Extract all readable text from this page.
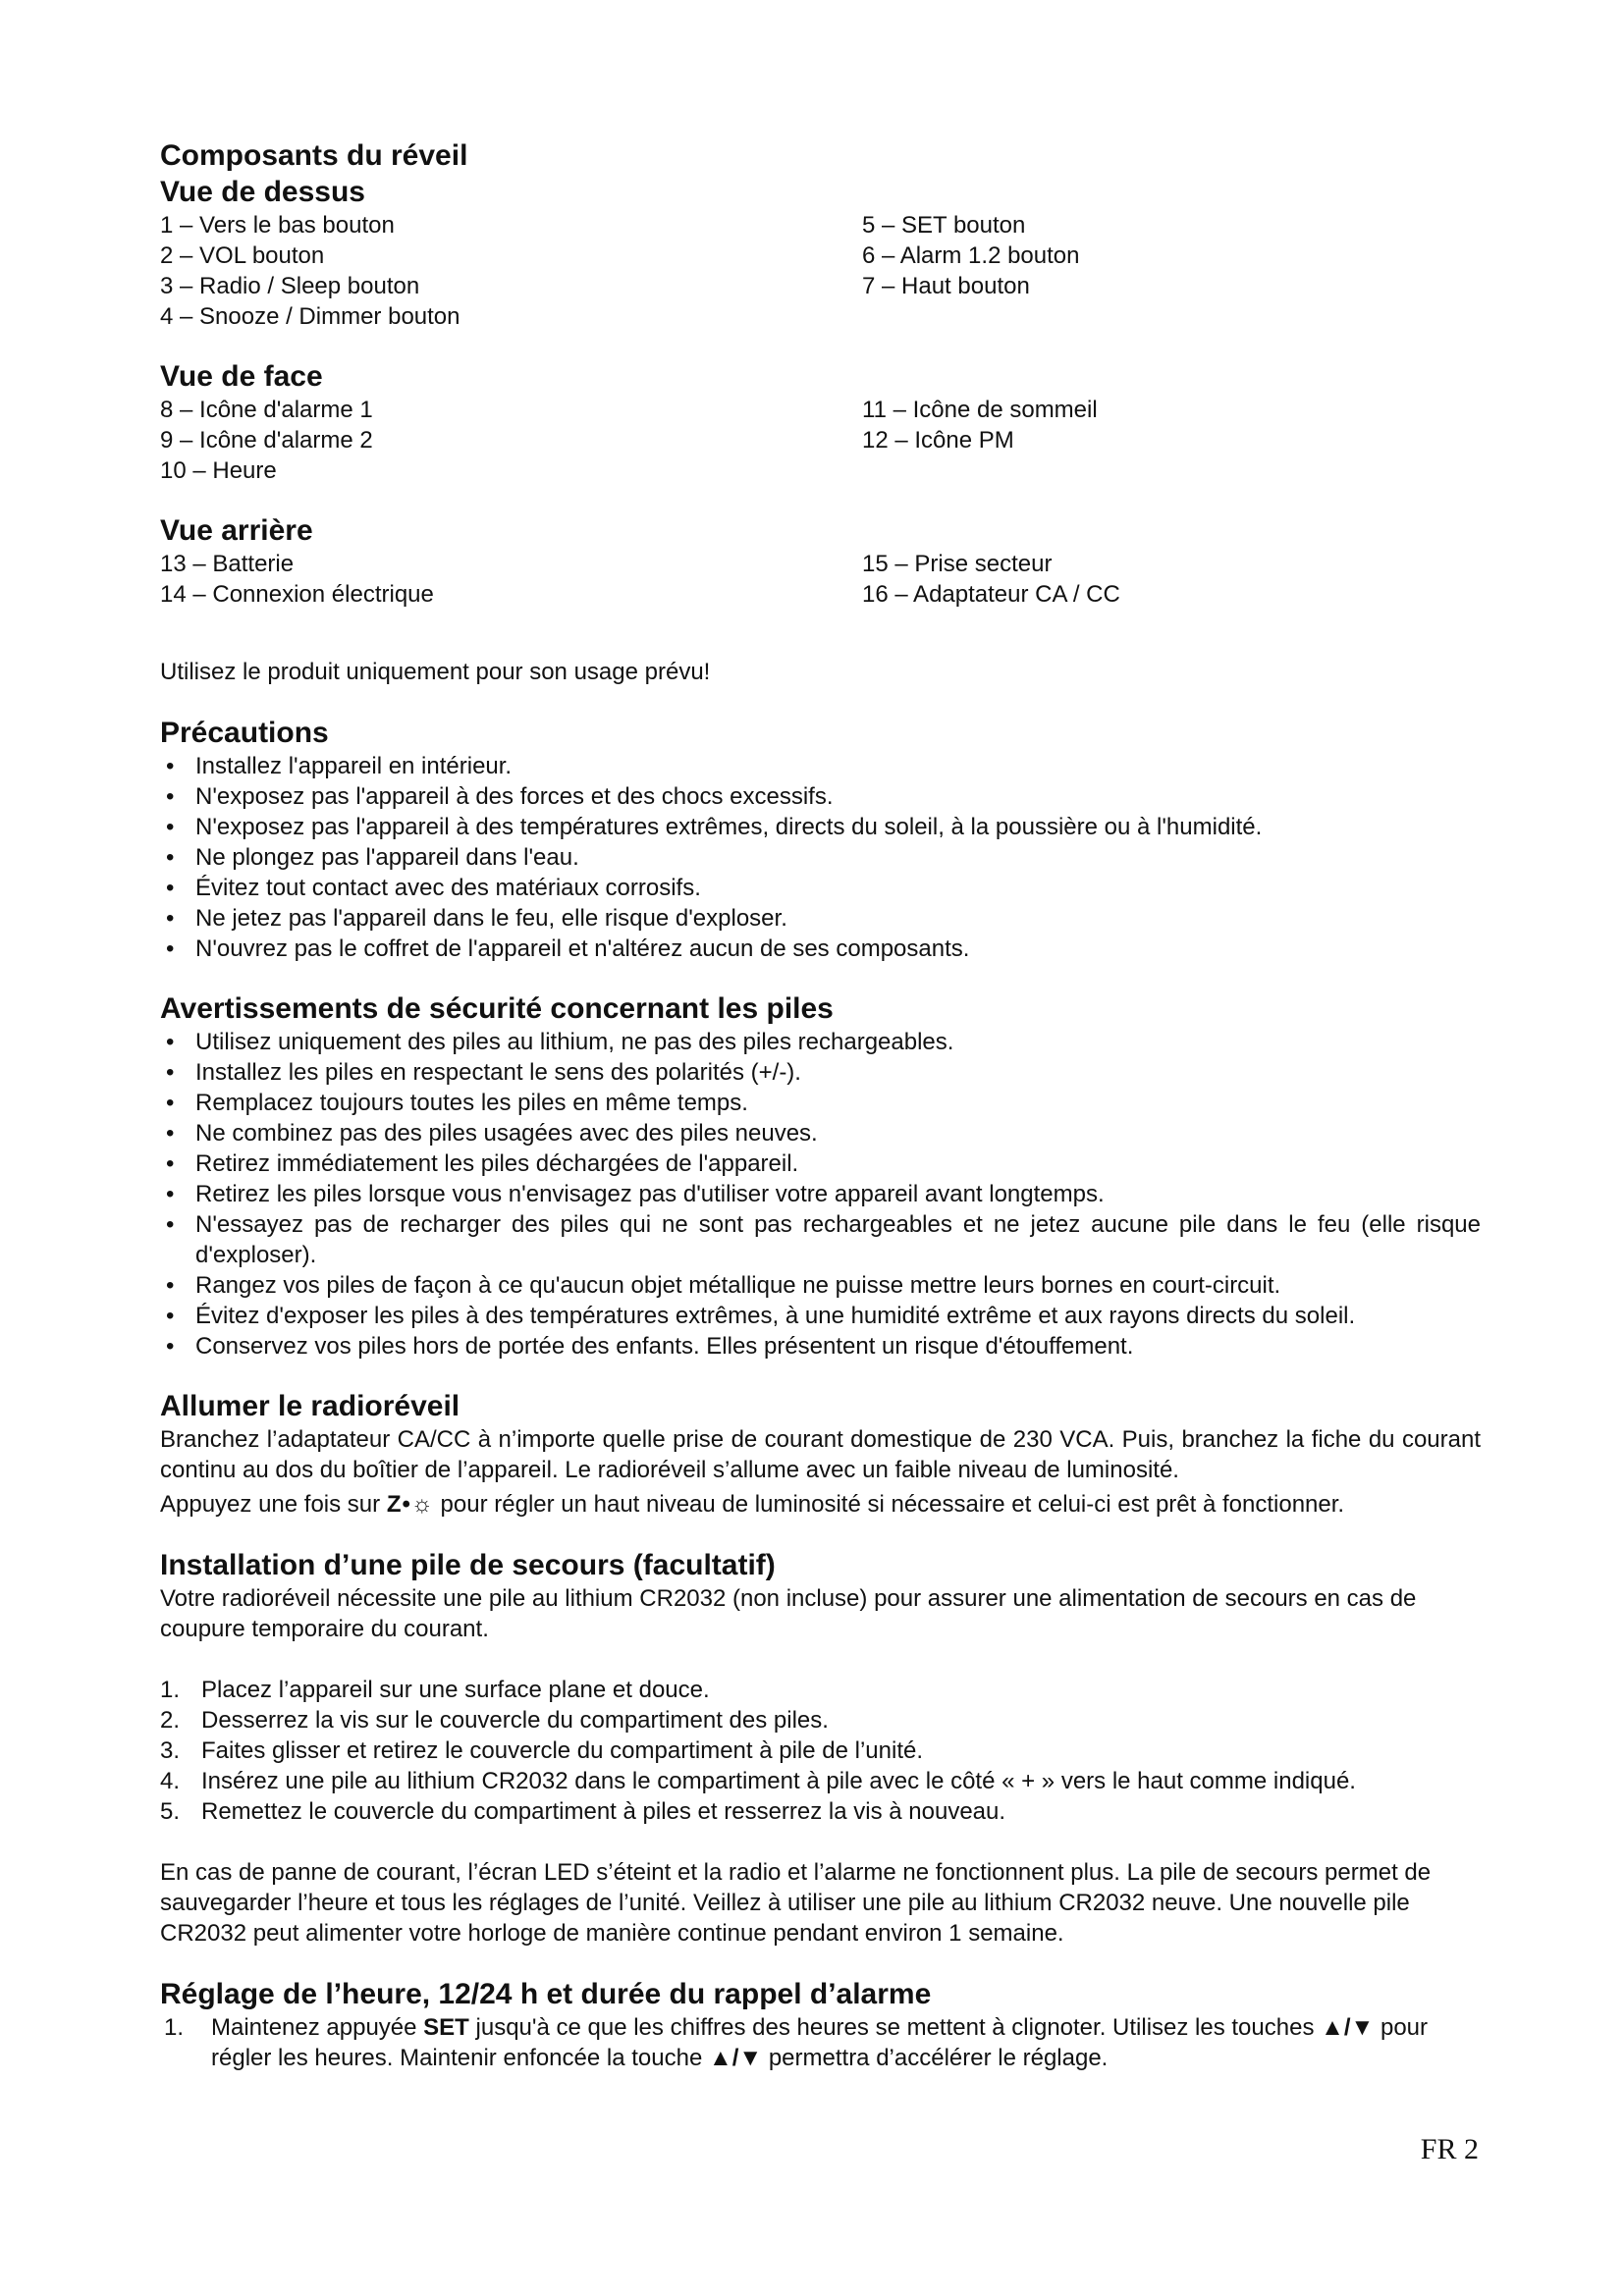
Composants du réveil
Vue de dessus
1 – Vers le bas bouton
2 – VOL bouton
3 – Radio / Sleep bouton
4 – Snooze / Dimmer bouton
5 – SET bouton
6 – Alarm 1.2 bouton
7 – Haut bouton
Vue de face
8 – Icône d'alarme 1
9 – Icône d'alarme 2
10 – Heure
11 – Icône de sommeil
12 – Icône PM
Vue arrière
13 – Batterie
14 – Connexion électrique
15 – Prise secteur
16 – Adaptateur CA / CC

Utilisez le produit uniquement pour son usage prévu!

Précautions
• Installez l'appareil en intérieur.
• N'exposez pas l'appareil à des forces et des chocs excessifs.
• N'exposez pas l'appareil à des températures extrêmes, directs du soleil, à la poussière ou à l'humidité.
• Ne plongez pas l'appareil dans l'eau.
• Évitez tout contact avec des matériaux corrosifs.
• Ne jetez pas l'appareil dans le feu, elle risque d'exploser.
• N'ouvrez pas le coffret de l'appareil et n'altérez aucun de ses composants.
Avertissements de sécurité concernant les piles
• Utilisez uniquement des piles au lithium, ne pas des piles rechargeables.
• Installez les piles en respectant le sens des polarités (+/-).
• Remplacez toujours toutes les piles en même temps.
• Ne combinez pas des piles usagées avec des piles neuves.
• Retirez immédiatement les piles déchargées de l'appareil.
• Retirez les piles lorsque vous n'envisagez pas d'utiliser votre appareil avant longtemps.
• N'essayez pas de recharger des piles qui ne sont pas rechargeables et ne jetez aucune pile dans le feu (elle risque d'exploser).
• Rangez vos piles de façon à ce qu'aucun objet métallique ne puisse mettre leurs bornes en court-circuit.
• Évitez d'exposer les piles à des températures extrêmes, à une humidité extrême et aux rayons directs du soleil.
• Conservez vos piles hors de portée des enfants. Elles présentent un risque d'étouffement.
Allumer le radioréveil

Branchez l’adaptateur CA/CC à n’importe quelle prise de courant domestique de 230 VCA. Puis, branchez la fiche du courant continu au dos du boîtier de l’appareil. Le radioréveil s’allume avec un faible niveau de luminosité.

Appuyez une fois sur Z•☼ pour régler un haut niveau de luminosité si nécessaire et celui-ci est prêt à fonctionner.

Installation d’une pile de secours (facultatif)

Votre radioréveil nécessite une pile au lithium CR2032 (non incluse) pour assurer une alimentation de secours en cas de coupure temporaire du courant.

1. Placez l’appareil sur une surface plane et douce.
2. Desserrez la vis sur le couvercle du compartiment des piles.
3. Faites glisser et retirez le couvercle du compartiment à pile de l’unité.
4. Insérez une pile au lithium CR2032 dans le compartiment à pile avec le côté « + » vers le haut comme indiqué.
5. Remettez le couvercle du compartiment à piles et resserrez la vis à nouveau.

En cas de panne de courant, l’écran LED s’éteint et la radio et l’alarme ne fonctionnent plus. La pile de secours permet de sauvegarder l’heure et tous les réglages de l’unité. Veillez à utiliser une pile au lithium CR2032 neuve. Une nouvelle pile CR2032 peut alimenter votre horloge de manière continue pendant environ 1 semaine.

Réglage de l’heure, 12/24 h et durée du rappel d’alarme
1.	Maintenez appuyée SET jusqu'à ce que les chiffres des heures se mettent à clignoter. Utilisez les touches ▲/▼ pour régler les heures. Maintenir enfoncée la touche ▲/▼ permettra d’accélérer le réglage.
FR 2
